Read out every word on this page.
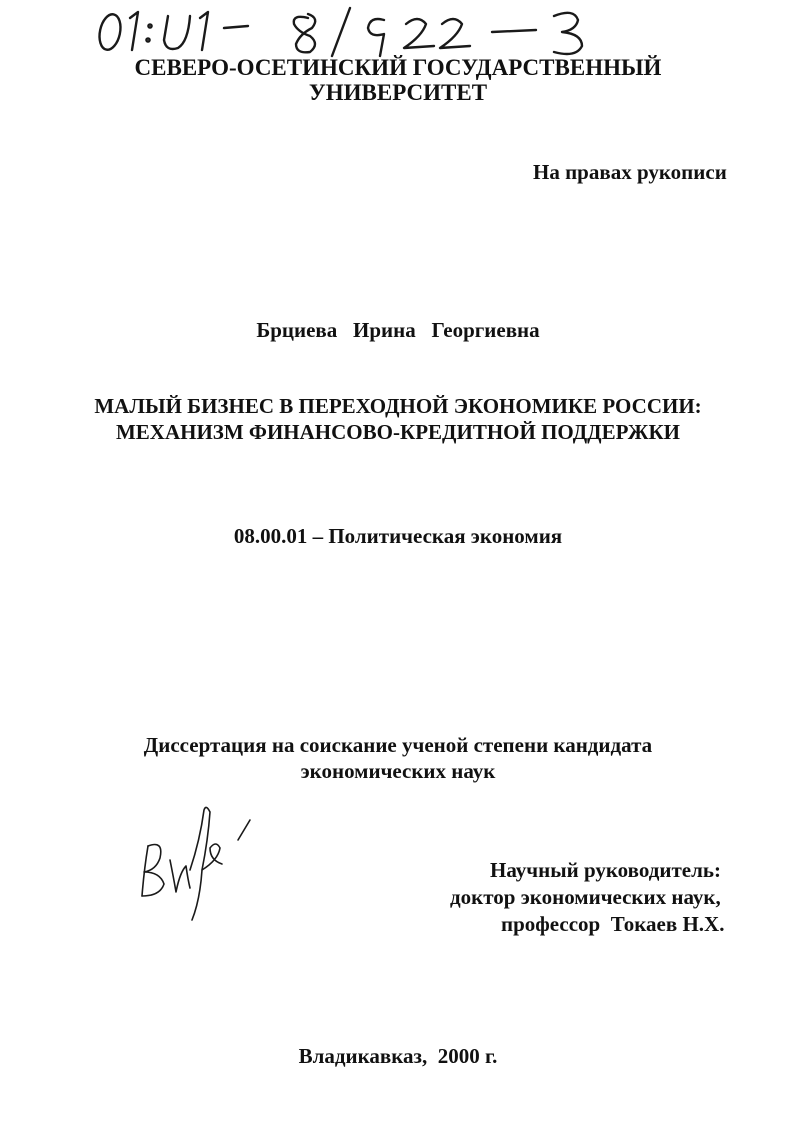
СЕВЕРО-ОСЕТИНСКИЙ ГОСУДАРСТВЕННЫЙ
УНИВЕРСИТЕТ
На правах рукописи
Брциева   Ирина   Георгиевна
МАЛЫЙ БИЗНЕС В ПЕРЕХОДНОЙ ЭКОНОМИКЕ РОССИИ:
МЕХАНИЗМ ФИНАНСОВО-КРЕДИТНОЙ ПОДДЕРЖКИ
08.00.01 – Политическая экономия
Диссертация на соискание ученой степени кандидата
экономических наук
Научный руководитель:
доктор экономических наук,
профессор  Токаев Н.Х.
Владикавказ,  2000 г.
